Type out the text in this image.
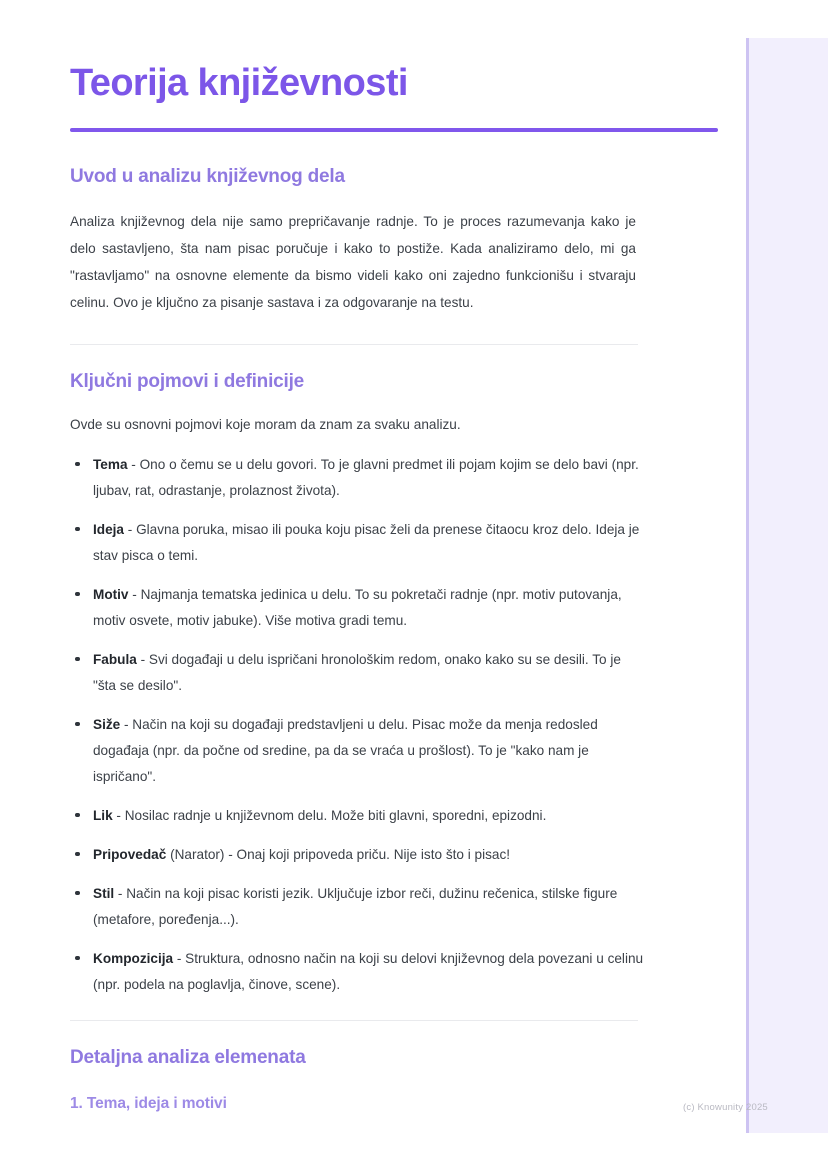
Teorija književnosti
Uvod u analizu književnog dela

Analiza književnog dela nije samo prepričavanje radnje. To je proces razumevanja kako je delo sastavljeno, šta nam pisac poručuje i kako to postiže. Kada analiziramo delo, mi ga "rastavljamo" na osnovne elemente da bismo videli kako oni zajedno funkcionišu i stvaraju celinu. Ovo je ključno za pisanje sastava i za odgovaranje na testu.

Ključni pojmovi i definicije

Ovde su osnovni pojmovi koje moram da znam za svaku analizu.

Tema - Ono o čemu se u delu govori. To je glavni predmet ili pojam kojim se delo bavi (npr. ljubav, rat, odrastanje, prolaznost života).
Ideja - Glavna poruka, misao ili pouka koju pisac želi da prenese čitaocu kroz delo. Ideja je stav pisca o temi.
Motiv - Najmanja tematska jedinica u delu. To su pokretači radnje (npr. motiv putovanja, motiv osvete, motiv jabuke). Više motiva gradi temu.
Fabula - Svi događaji u delu ispričani hronološkim redom, onako kako su se desili. To je "šta se desilo".
Siže - Način na koji su događaji predstavljeni u delu. Pisac može da menja redosled događaja (npr. da počne od sredine, pa da se vraća u prošlost). To je "kako nam je ispričano".
Lik - Nosilac radnje u književnom delu. Može biti glavni, sporedni, epizodni.
Pripovedač (Narator) - Onaj koji pripoveda priču. Nije isto što i pisac!
Stil - Način na koji pisac koristi jezik. Uključuje izbor reči, dužinu rečenica, stilske figure (metafore, poređenja...).
Kompozicija - Struktura, odnosno način na koji su delovi književnog dela povezani u celinu (npr. podela na poglavlja, činove, scene).
Detaljna analiza elemenata
1. Tema, ideja i motivi	(c) Knowunity 2025
